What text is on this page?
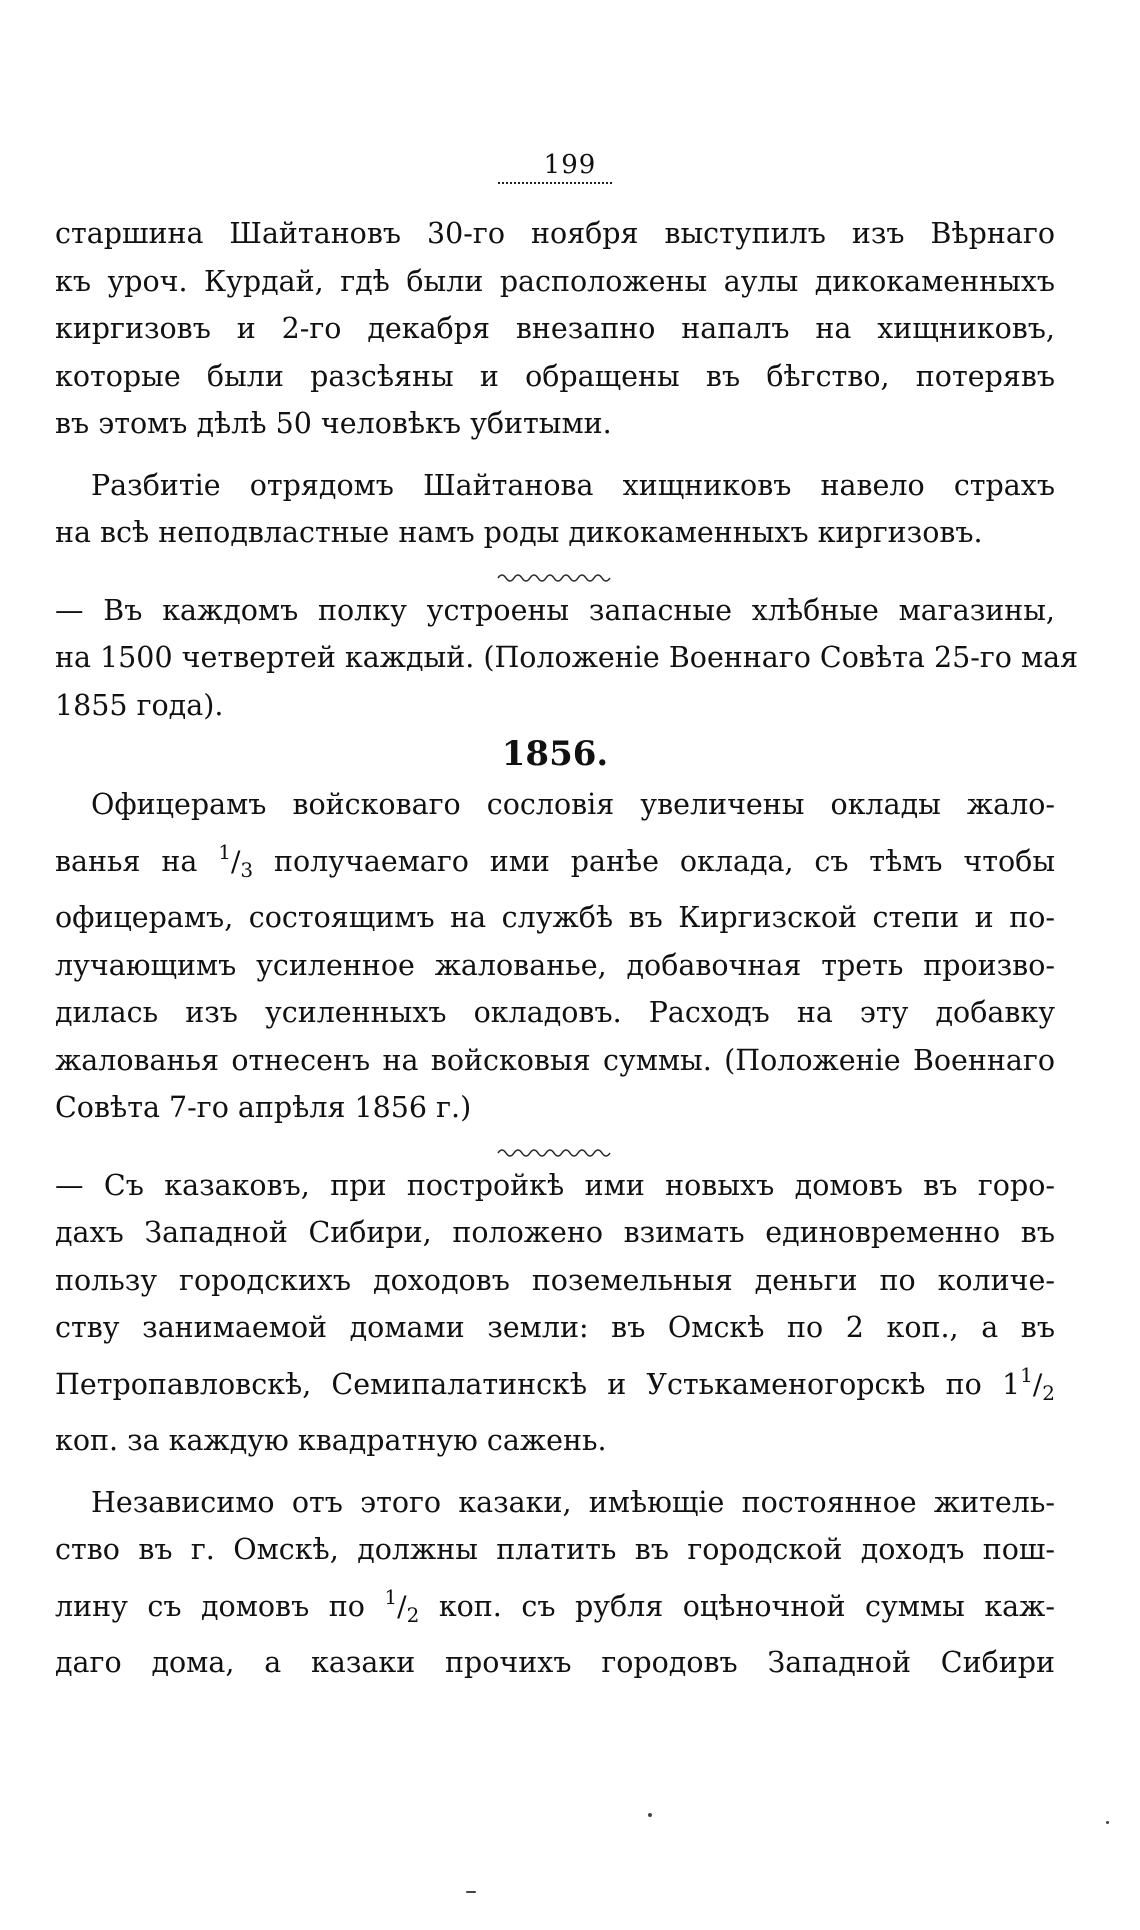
199
старшина Шайтановъ 30-го ноября выступилъ изъ Вѣрнаго
къ уроч. Курдай, гдѣ были расположены аулы дикокаменныхъ
киргизовъ и 2-го декабря внезапно напалъ на хищниковъ,
которые были разсѣяны и обращены въ бѣгство, потерявъ
въ этомъ дѣлѣ 50 человѣкъ убитыми.
Разбитіе отрядомъ Шайтанова хищниковъ навело страхъ
на всѣ неподвластные намъ роды дикокаменныхъ киргизовъ.
— Въ каждомъ полку устроены запасные хлѣбные магазины,
на 1500 четвертей каждый. (Положеніе Военнаго Совѣта 25-го мая
1855 года).
1856.
Офицерамъ войсковаго сословія увеличены оклады жало-
ванья на $^1/_3$ получаемаго ими ранѣе оклада, съ тѣмъ чтобы
офицерамъ, состоящимъ на службѣ въ Киргизской степи и по-
лучающимъ усиленное жалованье, добавочная треть произво-
дилась изъ усиленныхъ окладовъ. Расходъ на эту добавку
жалованья отнесенъ на войсковыя суммы. (Положеніе Военнаго
Совѣта 7-го апрѣля 1856 г.)
— Съ казаковъ, при постройкѣ ими новыхъ домовъ въ горо-
дахъ Западной Сибири, положено взимать единовременно въ
пользу городскихъ доходовъ поземельныя деньги по количе-
ству занимаемой домами земли: въ Омскѣ по 2 коп., а въ
Петропавловскѣ, Семипалатинскѣ и Устькаменогорскѣ по $1^1/_2$
коп. за каждую квадратную сажень.
Независимо отъ этого казаки, имѣющіе постоянное житель-
ство въ г. Омскѣ, должны платить въ городской доходъ пош-
лину съ домовъ по $^1/_2$ коп. съ рубля оцѣночной суммы каж-
даго дома, а казаки прочихъ городовъ Западной Сибири
